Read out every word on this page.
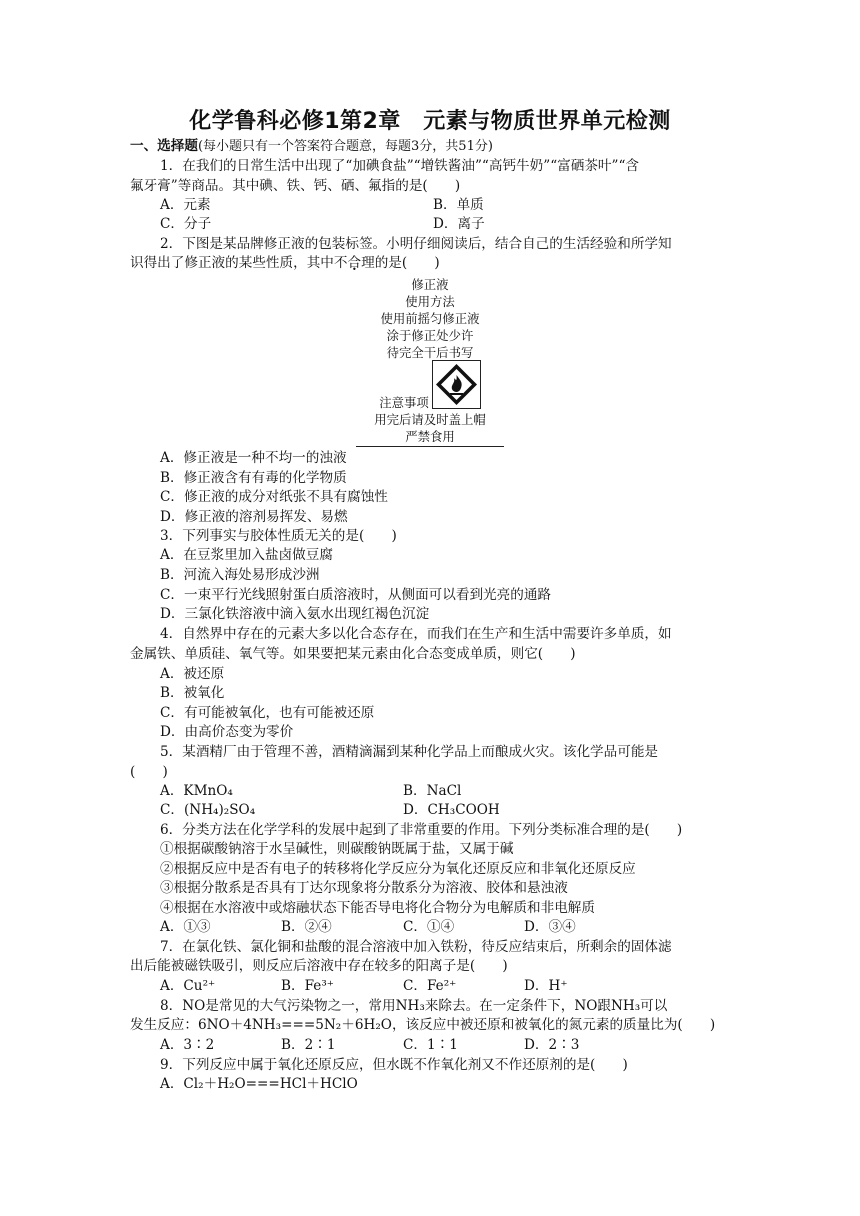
化学鲁科必修1第2章　元素与物质世界单元检测
一、选择题(每小题只有一个答案符合题意，每题3分，共51分)
1．在我们的日常生活中出现了“加碘食盐”“增铁酱油”“高钙牛奶”“富硒茶叶”“含
氟牙膏”等商品。其中碘、铁、钙、硒、氟指的是(　　)
A．元素	B．单质
C．分子	D．离子
2．下图是某品牌修正液的包装标签。小明仔细阅读后，结合自己的生活经验和所学知
识得出了修正液的某些性质，其中不合理的是(　　)
修正液
使用方法
使用前摇匀修正液
涂于修正处少许
待完全干后书写
注意事项
用完后请及时盖上帽
严禁食用
A．修正液是一种不均一的浊液
B．修正液含有有毒的化学物质
C．修正液的成分对纸张不具有腐蚀性
D．修正液的溶剂易挥发、易燃
3．下列事实与胶体性质无关的是(　　)
A．在豆浆里加入盐卤做豆腐
B．河流入海处易形成沙洲
C．一束平行光线照射蛋白质溶液时，从侧面可以看到光亮的通路
D．三氯化铁溶液中滴入氨水出现红褐色沉淀
4．自然界中存在的元素大多以化合态存在，而我们在生产和生活中需要许多单质，如
金属铁、单质硅、氧气等。如果要把某元素由化合态变成单质，则它(　　)
A．被还原
B．被氧化
C．有可能被氧化，也有可能被还原
D．由高价态变为零价
5．某酒精厂由于管理不善，酒精滴漏到某种化学品上而酿成火灾。该化学品可能是
(　　)
A．KMnO₄	B．NaCl
C．(NH₄)₂SO₄	D．CH₃COOH
6．分类方法在化学学科的发展中起到了非常重要的作用。下列分类标准合理的是(　　)
①根据碳酸钠溶于水呈碱性，则碳酸钠既属于盐，又属于碱
②根据反应中是否有电子的转移将化学反应分为氧化还原反应和非氧化还原反应
③根据分散系是否具有丁达尔现象将分散系分为溶液、胶体和悬浊液
④根据在水溶液中或熔融状态下能否导电将化合物分为电解质和非电解质
A．①③	B．②④	C．①④	D．③④
7．在氯化铁、氯化铜和盐酸的混合溶液中加入铁粉，待反应结束后，所剩余的固体滤
出后能被磁铁吸引，则反应后溶液中存在较多的阳离子是(　　)
A．Cu²⁺	B．Fe³⁺	C．Fe²⁺	D．H⁺
8．NO是常见的大气污染物之一，常用NH₃来除去。在一定条件下，NO跟NH₃可以
发生反应：6NO＋4NH₃===5N₂＋6H₂O，该反应中被还原和被氧化的氮元素的质量比为(　　)
A．3∶2	B．2∶1	C．1∶1	D．2∶3
9．下列反应中属于氧化还原反应，但水既不作氧化剂又不作还原剂的是(　　)
A．Cl₂＋H₂O===HCl＋HClO
